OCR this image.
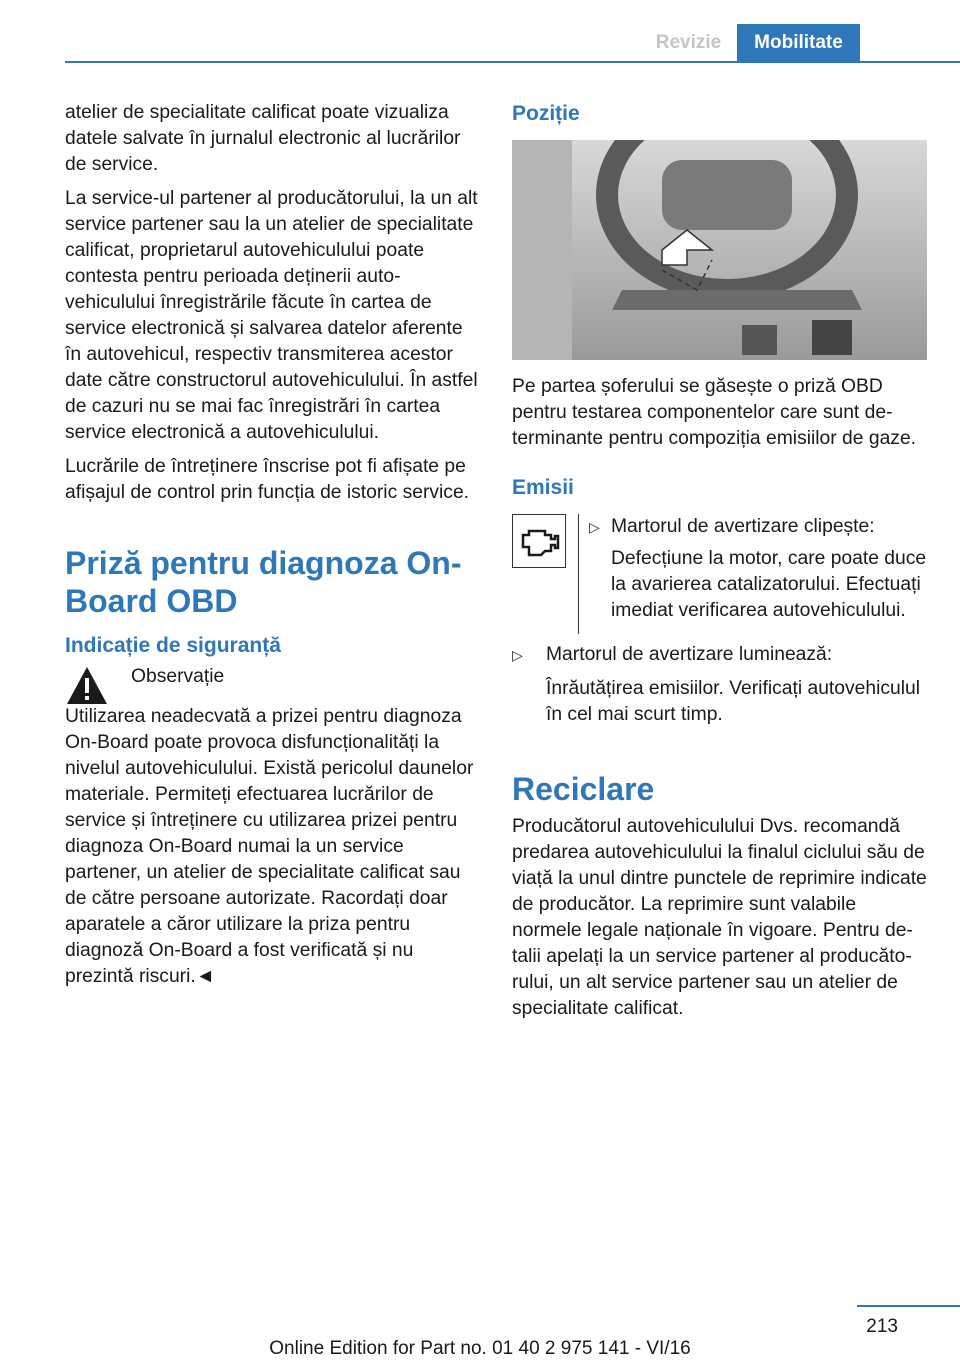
Revizie	Mobilitate

atelier de specialitate calificat poate vizualiza datele salvate în jurnalul electronic al lucrărilor de service.

La service-ul partener al producătorului, la un alt service partener sau la un atelier de specialitate calificat, proprietarul autovehiculului poate contesta pentru perioada deținerii autovehiculului înregistrările făcute în cartea de service electronică și salvarea datelor aferente în autovehicul, respectiv transmiterea acestor date către constructorul autovehiculului. În astfel de cazuri nu se mai fac înregistrări în cartea service electronică a autovehiculului.

Lucrările de întreținere înscrise pot fi afișate pe afișajul de control prin funcția de istoric service.

Priză pentru diagnoza On-Board OBD
Indicație de siguranță

Observație

Utilizarea neadecvată a prizei pentru diagnoza On-Board poate provoca disfuncționalități la nivelul autovehiculului. Există pericolul daunelor materiale. Permiteți efectuarea lucrărilor de service și întreținere cu utilizarea prizei pentru diagnoza On-Board numai la un service partener, un atelier de specialitate calificat sau de către persoane autorizate. Racordați doar aparatele a căror utilizare la priza pentru diagnoză On-Board a fost verificată și nu prezintă riscuri.◄

Poziție

Pe partea șoferului se găsește o priză OBD pentru testarea componentelor care sunt determinante pentru compoziția emisiilor de gaze.

Emisii
▷ Martorul de avertizare clipește:

Defecțiune la motor, care poate duce la avarierea catalizatorului. Efectuați imediat verificarea autovehiculului.

▷	Martorul de avertizare luminează:

Înrăutățirea emisiilor. Verificați autovehiculul în cel mai scurt timp.

Reciclare

Producătorul autovehiculului Dvs. recomandă predarea autovehiculului la finalul ciclului său de viață la unul dintre punctele de reprimire indicate de producător. La reprimire sunt valabile normele legale naționale în vigoare. Pentru detalii apelați la un service partener al producătorului, un alt service partener sau un atelier de specialitate calificat.

213
Online Edition for Part no. 01 40 2 975 141 - VI/16
